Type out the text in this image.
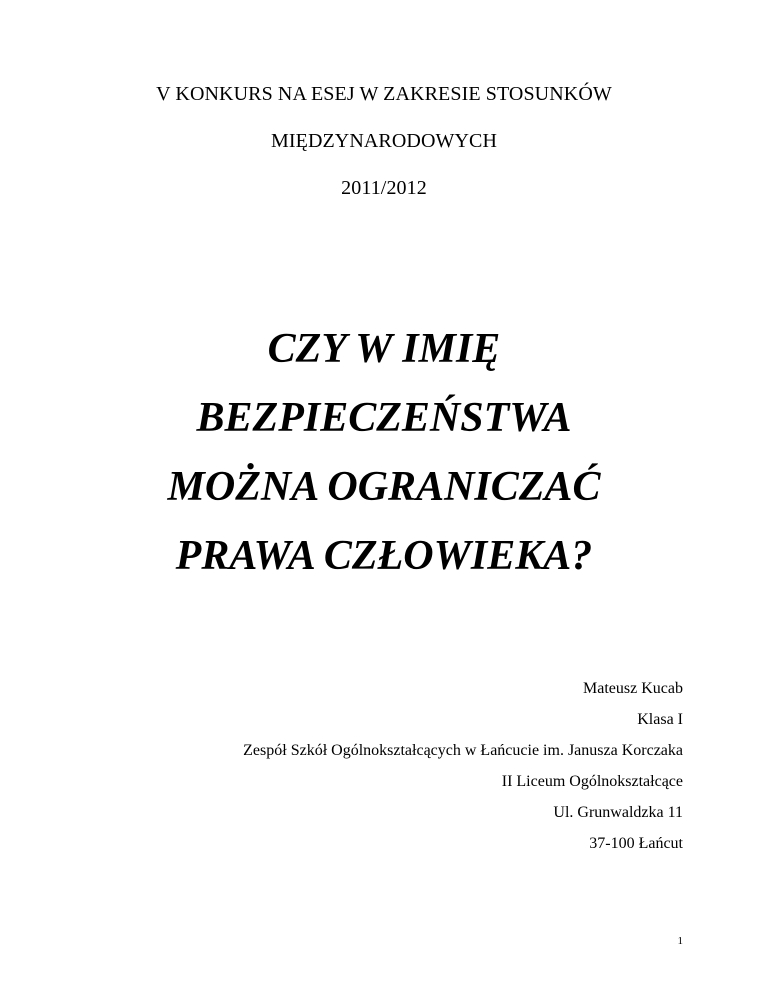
V KONKURS NA ESEJ W ZAKRESIE STOSUNKÓW
MIĘDZYNARODOWYCH
2011/2012
CZY W IMIĘ
BEZPIECZEŃSTWA
MOŻNA OGRANICZAĆ
PRAWA CZŁOWIEKA?
Mateusz Kucab
Klasa I
Zespół Szkół Ogólnokształcących w Łańcucie im. Janusza Korczaka
II Liceum Ogólnokształcące
Ul. Grunwaldzka 11
37-100 Łańcut
1
